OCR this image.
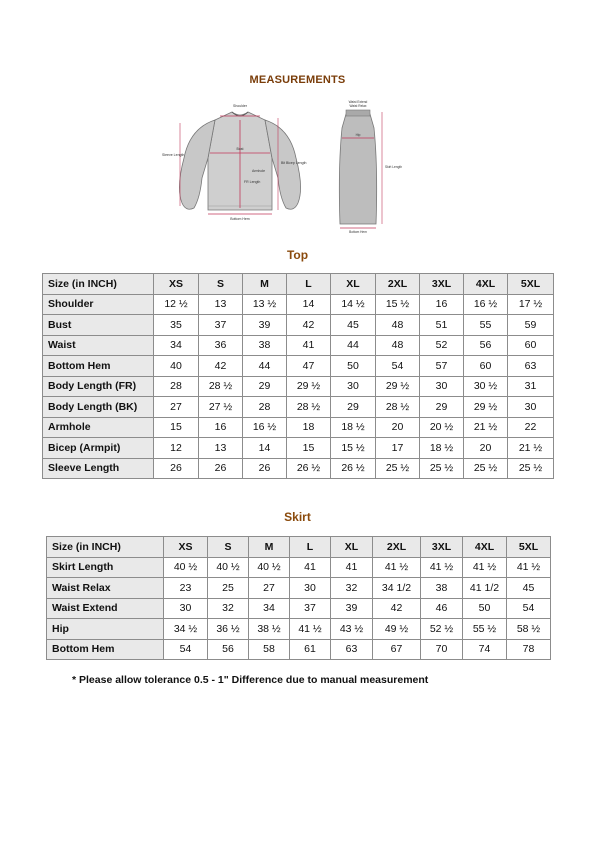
MEASUREMENTS
Shoulder
Bust
FR Length
Bottom Hem
Sleeve Length
Bit Bicep Length
Armhole
Waist Extend
Waist Relax
Hip
Skirt Length
Bottom Hem
Top
Size (in INCH)	XS	S	M	L	XL	2XL	3XL	4XL	5XL
Shoulder	12 ½	13	13 ½	14	14 ½	15 ½	16	16 ½	17 ½
Bust	35	37	39	42	45	48	51	55	59
Waist	34	36	38	41	44	48	52	56	60
Bottom Hem	40	42	44	47	50	54	57	60	63
Body Length (FR)	28	28 ½	29	29 ½	30	29 ½	30	30 ½	31
Body Length (BK)	27	27 ½	28	28 ½	29	28 ½	29	29 ½	30
Armhole	15	16	16 ½	18	18 ½	20	20 ½	21 ½	22
Bicep (Armpit)	12	13	14	15	15 ½	17	18 ½	20	21 ½
Sleeve Length	26	26	26	26 ½	26 ½	25 ½	25 ½	25 ½	25 ½
Skirt
Size (in INCH)	XS	S	M	L	XL	2XL	3XL	4XL	5XL
Skirt Length	40 ½	40 ½	40 ½	41	41	41 ½	41 ½	41 ½	41 ½
Waist Relax	23	25	27	30	32	34 1/2	38	41 1/2	45
Waist Extend	30	32	34	37	39	42	46	50	54
Hip	34 ½	36 ½	38 ½	41 ½	43 ½	49 ½	52 ½	55 ½	58 ½
Bottom Hem	54	56	58	61	63	67	70	74	78
* Please allow tolerance 0.5 - 1" Difference due to manual measurement
